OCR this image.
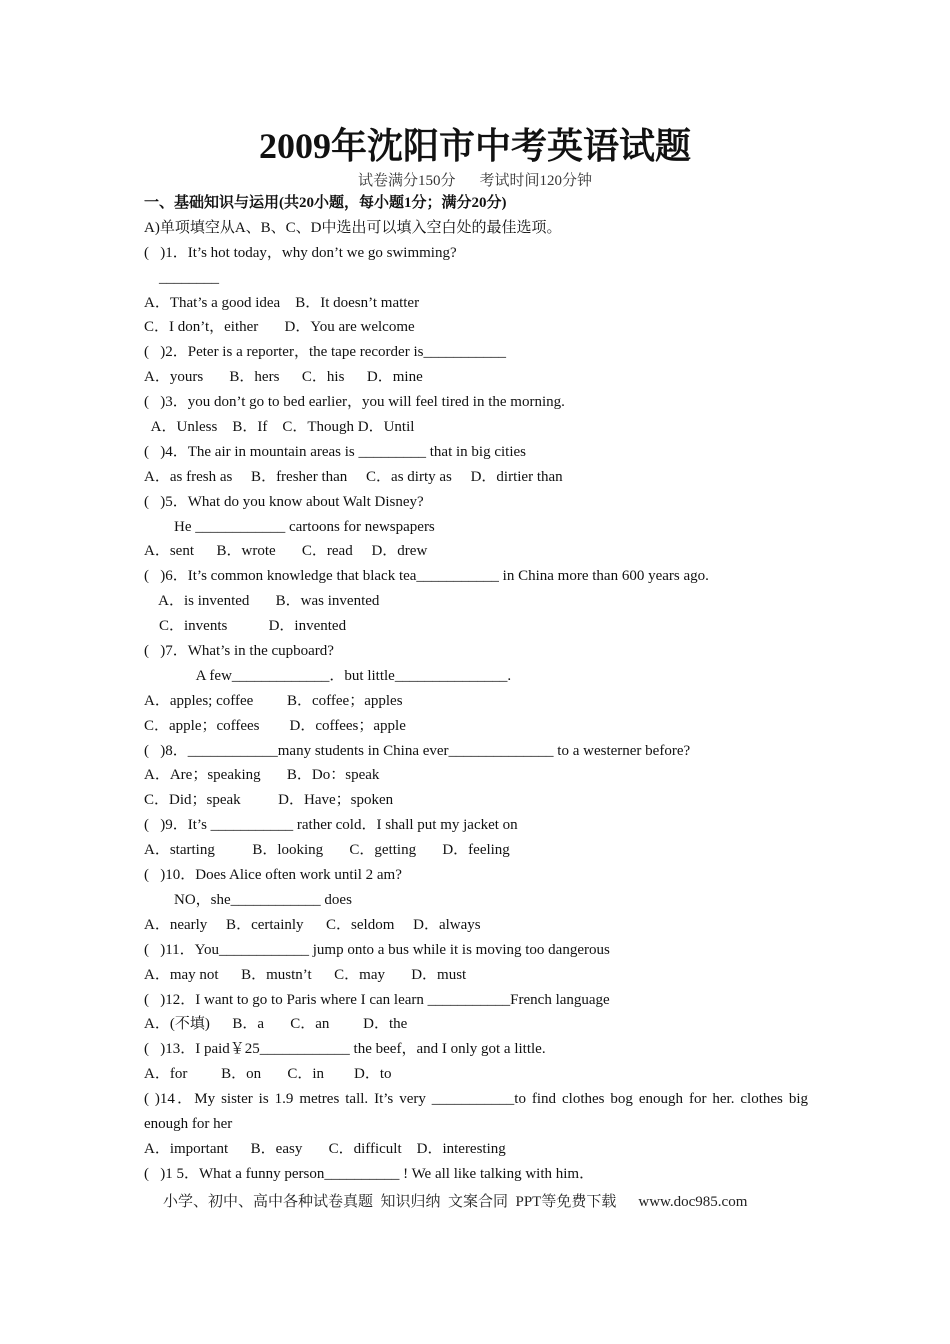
2009年沈阳市中考英语试题
试卷满分150分 考试时间120分钟
一、基础知识与运用(共20小题，每小题1分；满分20分)
A)单项填空从A、B、C、D中选出可以填入空白处的最佳选项。
(   )1．It’s hot today，why don’t we go swimming?
________
A．That’s a good idea    B．It doesn’t matter
C．I don’t，either       D．You are welcome
(   )2．Peter is a reporter，the tape recorder is___________
A．yours       B．hers      C．his      D．mine
(   )3．you don’t go to bed earlier，you will feel tired in the morning.
A．Unless    B．If    C．Though D．Until
(   )4．The air in mountain areas is _________ that in big cities
A．as fresh as     B．fresher than     C．as dirty as     D．dirtier than
(   )5．What do you know about Walt Disney?
He ____________ cartoons for newspapers
A．sent      B．wrote       C．read     D．drew
(   )6．It’s common knowledge that black tea___________ in China more than 600 years ago.
A．is invented       B．was invented
C．invents           D．invented
(   )7．What’s in the cupboard?
A few_____________．but little_______________.
A．apples; coffee         B．coffee；apples
C．apple；coffees        D．coffees；apple
(   )8．____________many students in China ever______________ to a westerner before?
A．Are；speaking       B．Do：speak
C．Did；speak          D．Have；spoken
(   )9．It’s ___________ rather cold．I shall put my jacket on
A．starting          B．looking       C．getting       D．feeling
(   )10．Does Alice often work until 2 am?
NO，she____________ does
A．nearly     B．certainly      C．seldom     D．always
(   )11．You____________ jump onto a bus while it is moving too dangerous
A．may not      B．mustn’t      C．may       D．must
(   )12．I want to go to Paris where I can learn ___________French language
A．(不填)      B．a       C．an         D．the
(   )13．I paid￥25____________ the beef，and I only got a little.
A．for         B．on       C．in        D．to
( )14．My sister is 1.9 metres tall. It’s very ___________to find clothes bog enough for her. clothes big enough for her
A．important      B．easy       C．difficult    D．interesting
(   )1 5．What a funny person__________ ! We all like talking with him．
小学、初中、高中各种试卷真题  知识归纳  文案合同  PPT等免费下载 www.doc985.com
